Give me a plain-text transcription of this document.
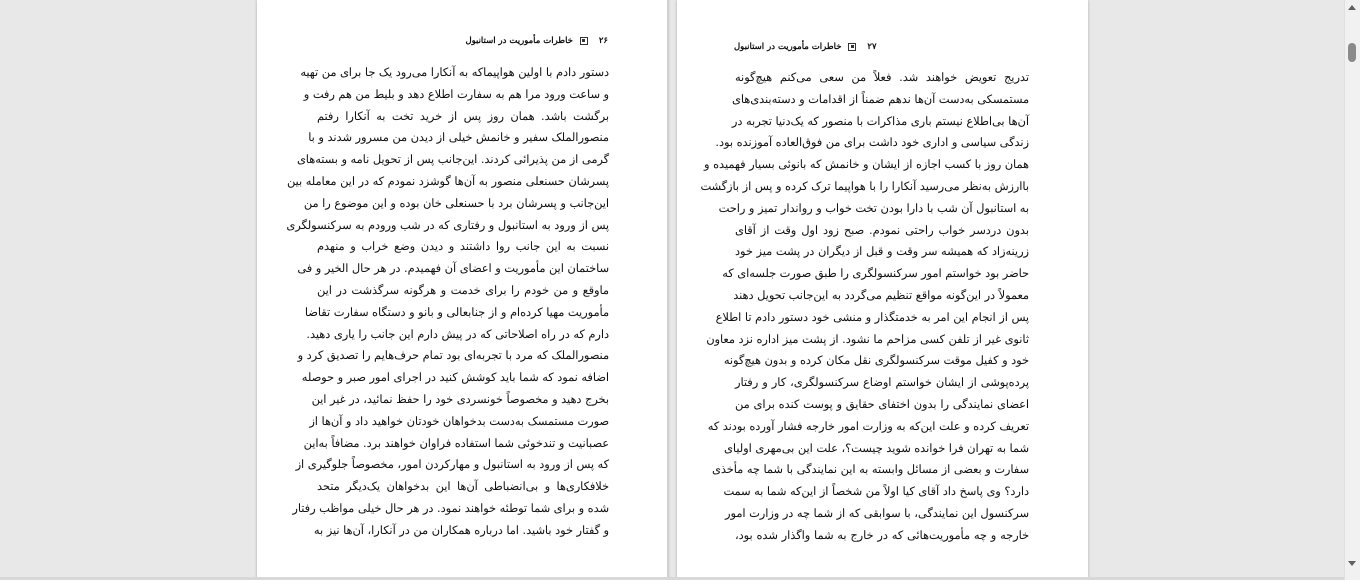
۲۶  خاطرات مأموریت در استانبول
دستور دادم با اولین هواپیماکه به آنکارا می‌رود یک جا برای من تهیه
و ساعت ورود مرا هم به سفارت اطلاع دهد و بلیط من هم رفت و
برگشت باشد. همان روز پس از خرید تخت به آنکارا رفتم
منصورالملک سفیر و خانمش خیلی از دیدن من مسرور شدند و با
گرمی از من پذیرائی کردند. این‌جانب پس از تحویل نامه و بسته‌های
پسرشان حسنعلی منصور به آن‌ها گوشزد نمودم که در این معامله بین
این‌جانب و پسرشان برد با حسنعلی خان بوده و این موضوع را من
پس از ورود به استانبول و رفتاری که در شب ورودم به سرکنسولگری
نسبت به این جانب روا داشتند و دیدن وضع خراب و منهدم
ساختمان این مأموریت و اعضای آن فهمیدم. در هر حال الخیر و فی
ماوقع و من خودم را برای خدمت و هرگونه سرگذشت در این
مأموریت مهیا کرده‌ام و از جنابعالی و بانو و دستگاه سفارت تقاضا
دارم که در راه اصلاحاتی که در پیش دارم این جانب را یاری دهید.
منصورالملک که مرد با تجربه‌ای بود تمام حرف‌هایم را تصدیق کرد و
اضافه نمود که شما باید کوشش کنید در اجرای امور صبر و حوصله
بخرج دهید و مخصوصاً خونسردی خود را حفظ نمائید، در غیر این
صورت مستمسک به‌دست بدخواهان خودتان خواهید داد و آن‌ها از
عصبانیت و تندخوئی شما استفاده فراوان خواهند برد. مضافاً به‌این
که پس از ورود به استانبول و مهارکردن امور، مخصوصاً جلوگیری از
خلافکاری‌ها و بی‌انضباطی آن‌ها این بدخواهان یک‌دیگر متحد
شده و برای شما توطئه خواهند نمود. در هر حال خیلی مواظب رفتار
و گفتار خود باشید. اما درباره همکاران من در آنکارا، آن‌ها نیز به
۲۷  خاطرات مأموریت در استانبول
تدریج تعویض خواهند شد. فعلاً من سعی می‌کنم هیچ‌گونه
مستمسکی به‌دست آن‌ها ندهم ضمناً از اقدامات و دسته‌بندی‌های
آن‌ها بی‌اطلاع نیستم باری مذاکرات با منصور که یک‌دنیا تجربه در
زندگی سیاسی و اداری خود داشت برای من فوق‌العاده آموزنده بود.
همان روز با کسب اجازه از ایشان و خانمش که بانوئی بسیار فهمیده و
باارزش به‌نظر می‌رسید آنکارا را با هواپیما ترک کرده و پس از بازگشت
به استانبول آن شب با دارا بودن تخت خواب و رواندار تمیز و راحت
بدون دردسر خواب راحتی نمودم. صبح زود اول وقت از آقای
زرینه‌زاد که همیشه سر وقت و قبل از دیگران در پشت میز خود
حاضر بود خواستم امور سرکنسولگری را طبق صورت جلسه‌ای که
معمولاً در این‌گونه مواقع تنظیم می‌گردد به این‌جانب تحویل دهند
پس از انجام این امر به خدمتگذار و منشی خود دستور دادم تا اطلاع
ثانوی غیر از تلفن کسی مزاحم ما نشود. از پشت میز اداره نزد معاون
خود و کفیل موقت سرکنسولگری نقل مکان کرده و بدون هیچ‌گونه
پرده‌پوشی از ایشان خواستم اوضاع سرکنسولگری، کار و رفتار
اعضای نمایندگی را بدون اختفای حقایق و پوست کنده برای من
تعریف کرده و علت این‌که به وزارت امور خارجه فشار آورده بودند که
شما به تهران فرا خوانده شوید چیست؟، علت این بی‌مهری اولیای
سفارت و بعضی از مسائل وابسته به این نمایندگی با شما چه مأخذی
دارد؟ وی پاسخ داد آقای کیا اولاً من شخصاً از این‌که شما به سمت
سرکنسول این نمایندگی، با سوابقی که از شما چه در وزارت امور
خارجه و چه مأموریت‌هائی که در خارج به شما واگذار شده بود،
